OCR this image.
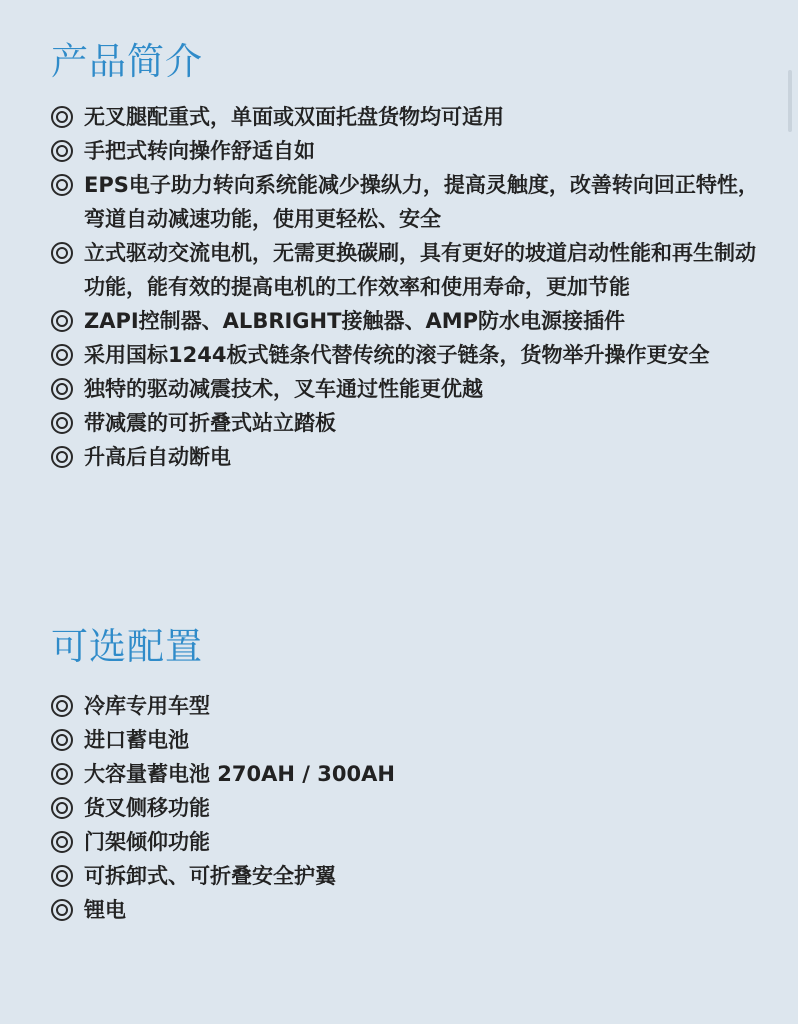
产品简介
无叉腿配重式，单面或双面托盘货物均可适用
手把式转向操作舒适自如
EPS电子助力转向系统能减少操纵力，提高灵触度，改善转向回正特性，弯道自动减速功能，使用更轻松、安全
立式驱动交流电机，无需更换碳刷，具有更好的坡道启动性能和再生制动功能，能有效的提高电机的工作效率和使用寿命，更加节能
ZAPI控制器、ALBRIGHT接触器、AMP防水电源接插件
采用国标1244板式链条代替传统的滚子链条，货物举升操作更安全
独特的驱动减震技术，叉车通过性能更优越
带减震的可折叠式站立踏板
升高后自动断电
可选配置
冷库专用车型
进口蓄电池
大容量蓄电池 270AH / 300AH
货叉侧移功能
门架倾仰功能
可拆卸式、可折叠安全护翼
锂电
